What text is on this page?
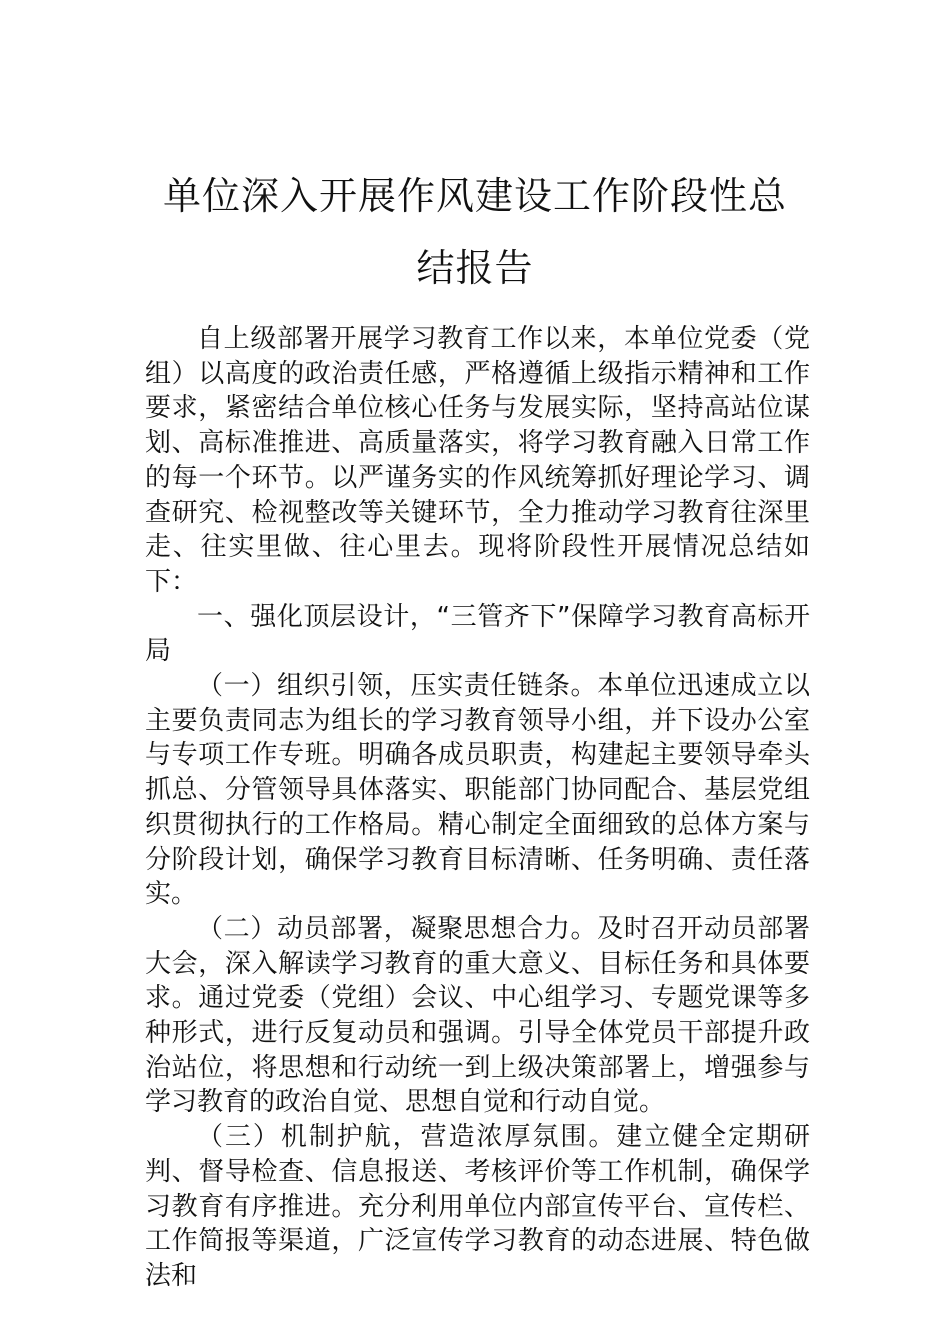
单位深入开展作风建设工作阶段性总结报告

自上级部署开展学习教育工作以来，本单位党委（党组）以高度的政治责任感，严格遵循上级指示精神和工作要求，紧密结合单位核心任务与发展实际，坚持高站位谋划、高标准推进、高质量落实，将学习教育融入日常工作的每一个环节。以严谨务实的作风统筹抓好理论学习、调查研究、检视整改等关键环节，全力推动学习教育往深里走、往实里做、往心里去。现将阶段性开展情况总结如下：

一、强化顶层设计，“三管齐下”保障学习教育高标开局

（一）组织引领，压实责任链条。本单位迅速成立以主要负责同志为组长的学习教育领导小组，并下设办公室与专项工作专班。明确各成员职责，构建起主要领导牵头抓总、分管领导具体落实、职能部门协同配合、基层党组织贯彻执行的工作格局。精心制定全面细致的总体方案与分阶段计划，确保学习教育目标清晰、任务明确、责任落实。

（二）动员部署，凝聚思想合力。及时召开动员部署大会，深入解读学习教育的重大意义、目标任务和具体要求。通过党委（党组）会议、中心组学习、专题党课等多种形式，进行反复动员和强调。引导全体党员干部提升政治站位，将思想和行动统一到上级决策部署上，增强参与学习教育的政治自觉、思想自觉和行动自觉。

（三）机制护航，营造浓厚氛围。建立健全定期研判、督导检查、信息报送、考核评价等工作机制，确保学习教育有序推进。充分利用单位内部宣传平台、宣传栏、工作简报等渠道，广泛宣传学习教育的动态进展、特色做法和
